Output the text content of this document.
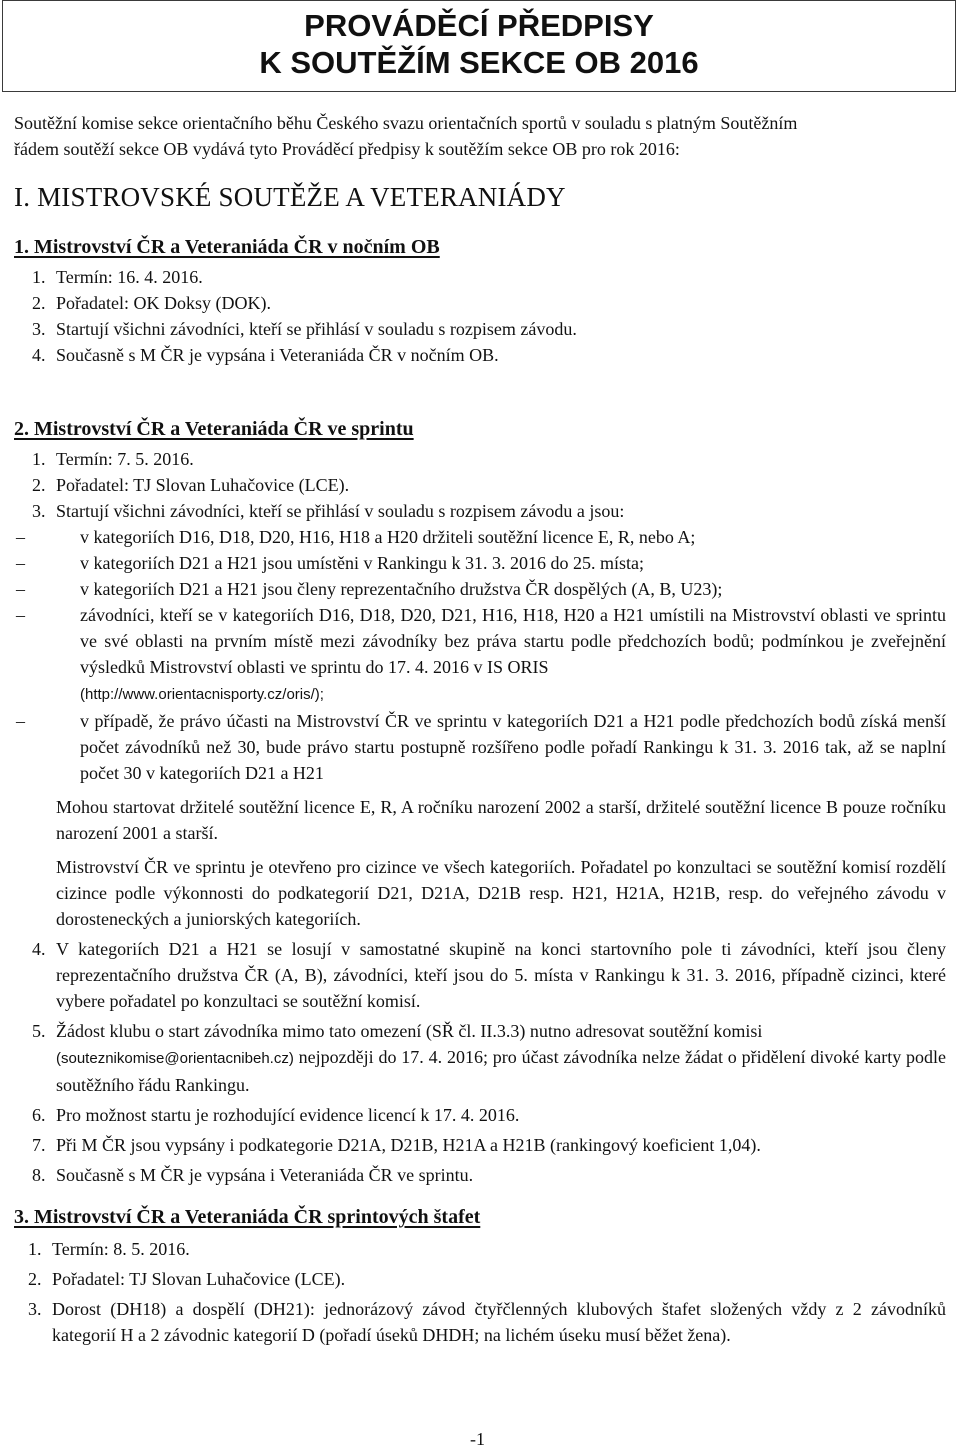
PROVÁDĚCÍ PŘEDPISY
K SOUTĚŽÍM SEKCE OB 2016
Soutěžní komise sekce orientačního běhu Českého svazu orientačních sportů v souladu s platným Soutěžním
řádem soutěží sekce OB vydává tyto Prováděcí předpisy k soutěžím sekce OB pro rok 2016:
I. MISTROVSKÉ SOUTĚŽE A VETERANIÁDY
1. Mistrovství ČR a Veteraniáda ČR v nočním OB
1. Termín: 16. 4. 2016.
2. Pořadatel: OK Doksy (DOK).
3. Startují všichni závodníci, kteří se přihlásí v souladu s rozpisem závodu.
4. Současně s M ČR je vypsána i Veteraniáda ČR v nočním OB.
2. Mistrovství ČR a Veteraniáda ČR ve sprintu
1. Termín: 7. 5. 2016.
2. Pořadatel: TJ Slovan Luhačovice (LCE).
3. Startují všichni závodníci, kteří se přihlásí v souladu s rozpisem závodu a jsou:
–	v kategoriích D16, D18, D20, H16, H18 a H20 držiteli soutěžní licence E, R, nebo A;
–	v kategoriích D21 a H21 jsou umístěni v Rankingu k 31. 3. 2016 do 25. místa;
–	v kategoriích D21 a H21 jsou členy reprezentačního družstva ČR dospělých (A, B, U23);
–	závodníci, kteří se v kategoriích D16, D18, D20, D21, H16, H18, H20 a H21 umístili na Mistrovství oblasti ve sprintu ve své oblasti na prvním místě mezi závodníky bez práva startu podle předchozích bodů; podmínkou je zveřejnění výsledků Mistrovství oblasti ve sprintu do 17. 4. 2016 v IS ORIS
(http://www.orientacnisporty.cz/oris/);
–	v případě, že právo účasti na Mistrovství ČR ve sprintu v kategoriích D21 a H21 podle předchozích bodů získá menší počet závodníků než 30, bude právo startu postupně rozšířeno podle pořadí Rankingu k 31. 3. 2016 tak, až se naplní počet 30 v kategoriích D21 a H21
Mohou startovat držitelé soutěžní licence E, R, A ročníku narození 2002 a starší, držitelé soutěžní licence B pouze ročníku narození 2001 a starší.
Mistrovství ČR ve sprintu je otevřeno pro cizince ve všech kategoriích. Pořadatel po konzultaci se soutěžní komisí rozdělí cizince podle výkonnosti do podkategorií D21, D21A, D21B resp. H21, H21A, H21B, resp. do veřejného závodu v dorosteneckých a juniorských kategoriích.
4. V kategoriích D21 a H21 se losují v samostatné skupině na konci startovního pole ti závodníci, kteří jsou členy reprezentačního družstva ČR (A, B), závodníci, kteří jsou do 5. místa v Rankingu k 31. 3. 2016, případně cizinci, které vybere pořadatel po konzultaci se soutěžní komisí.
5. Žádost klubu o start závodníka mimo tato omezení (SŘ čl. II.3.3) nutno adresovat soutěžní komisi
(souteznikomise@orientacnibeh.cz) nejpozději do 17. 4. 2016; pro účast závodníka nelze žádat o přidělení divoké karty podle soutěžního řádu Rankingu.
6. Pro možnost startu je rozhodující evidence licencí k 17. 4. 2016.
7. Při M ČR jsou vypsány i podkategorie D21A, D21B, H21A a H21B (rankingový koeficient 1,04).
8. Současně s M ČR je vypsána i Veteraniáda ČR ve sprintu.
3. Mistrovství ČR a Veteraniáda ČR sprintových štafet
1. Termín: 8. 5. 2016.
2. Pořadatel: TJ Slovan Luhačovice (LCE).
3. Dorost (DH18) a dospělí (DH21): jednorázový závod čtyřčlenných klubových štafet složených vždy z 2 závodníků kategorií H a 2 závodnic kategorií D (pořadí úseků DHDH; na lichém úseku musí běžet žena).
-1
